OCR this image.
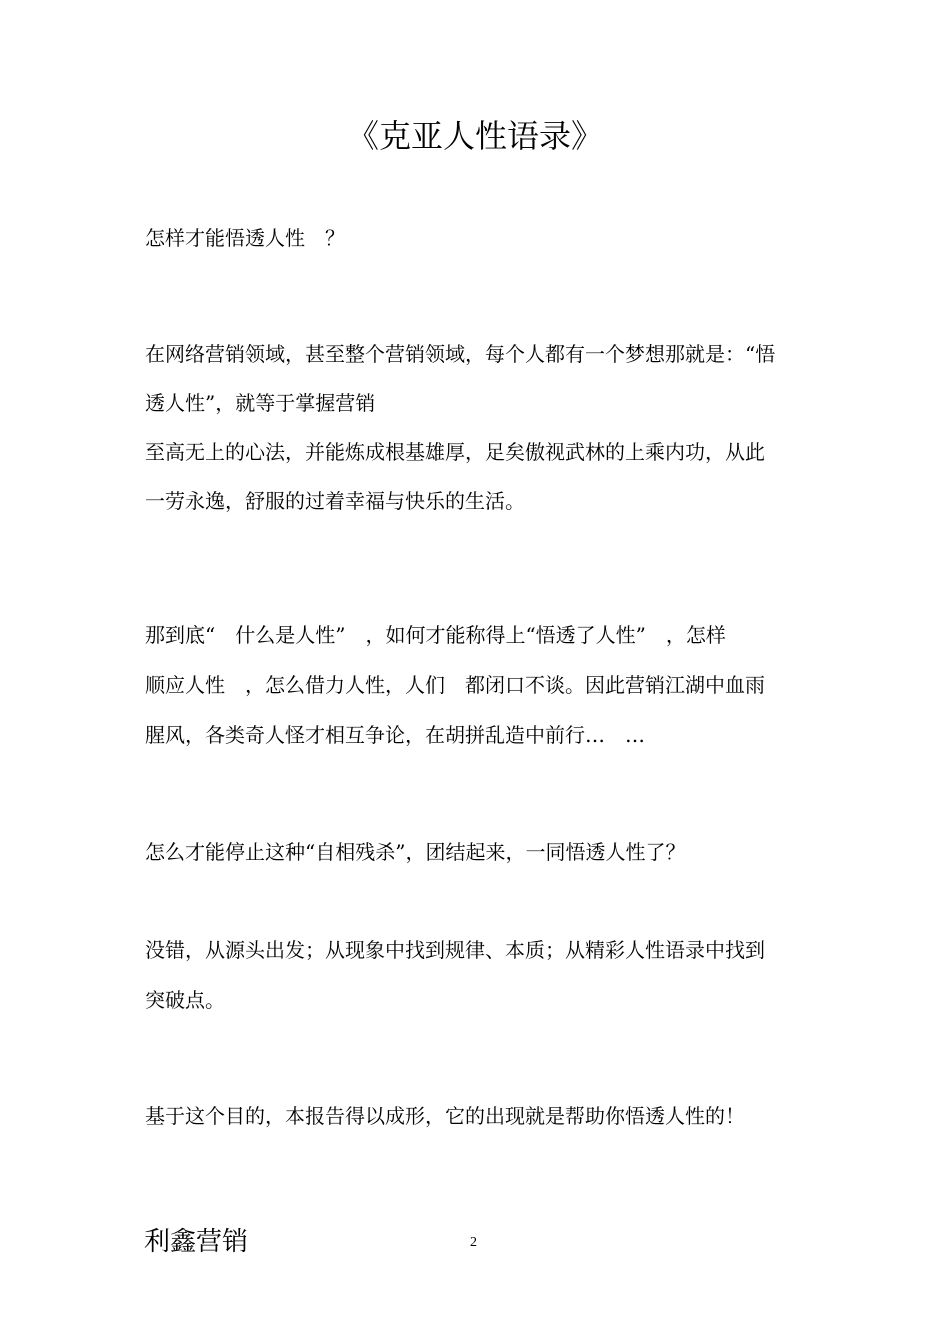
《克亚人性语录》
怎样才能悟透人性　？
在网络营销领域，甚至整个营销领域，每个人都有一个梦想那就是：“悟
透人性”，就等于掌握营销
至高无上的心法，并能炼成根基雄厚，足矣傲视武林的上乘内功，从此
一劳永逸，舒服的过着幸福与快乐的生活。
那到底“　什么是人性”　，如何才能称得上“悟透了人性”　，怎样
顺应人性　，怎么借力人性，人们　都闭口不谈。因此营销江湖中血雨
腥风，各类奇人怪才相互争论，在胡拼乱造中前行…　…
怎么才能停止这种“自相残杀”，团结起来，一同悟透人性了？
没错，从源头出发；从现象中找到规律、本质；从精彩人性语录中找到
突破点。
基于这个目的，本报告得以成形，它的出现就是帮助你悟透人性的！
利鑫营销	2
